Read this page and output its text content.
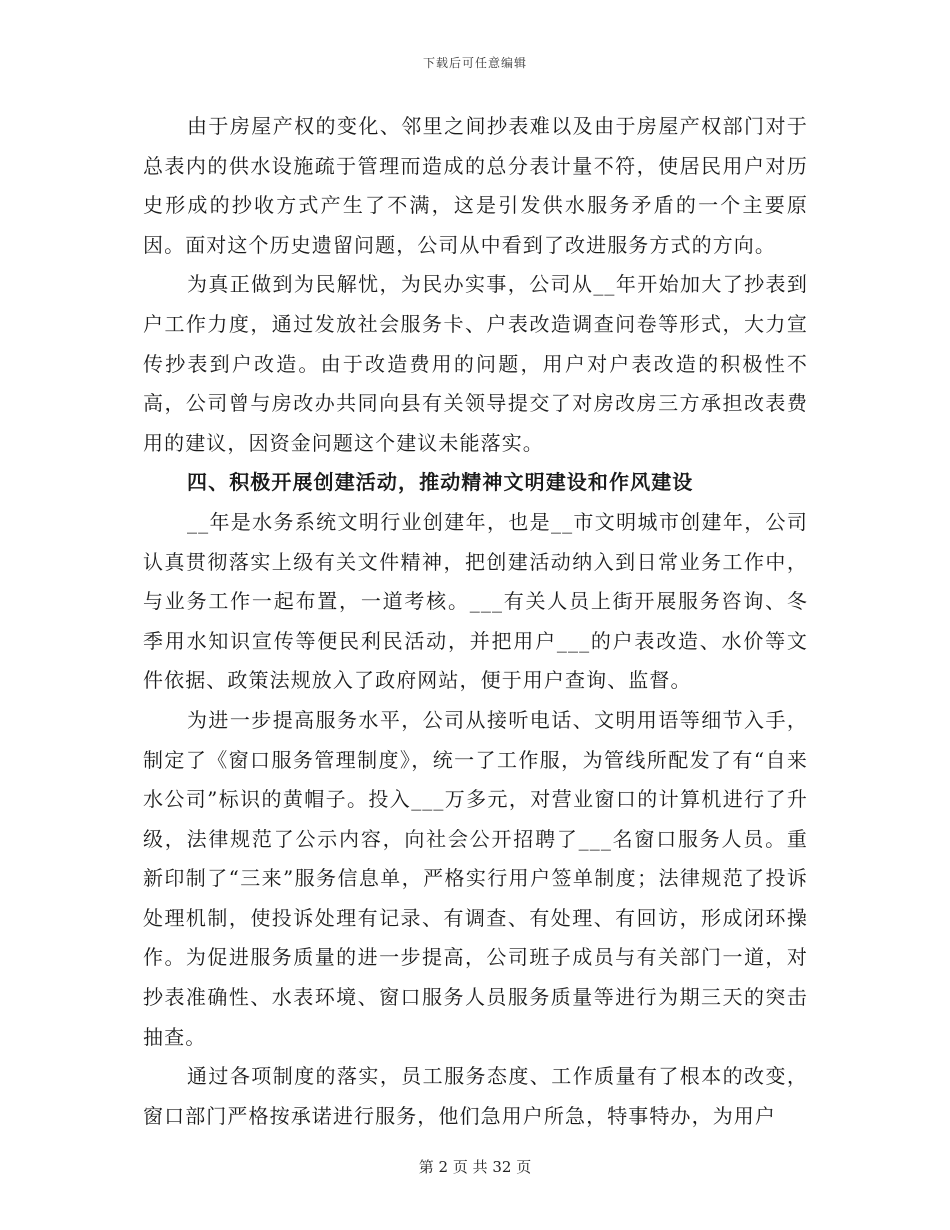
下载后可任意编辑

由于房屋产权的变化、邻里之间抄表难以及由于房屋产权部门对于总表内的供水设施疏于管理而造成的总分表计量不符，使居民用户对历史形成的抄收方式产生了不满，这是引发供水服务矛盾的一个主要原因。面对这个历史遗留问题，公司从中看到了改进服务方式的方向。

为真正做到为民解忧，为民办实事，公司从__年开始加大了抄表到户工作力度，通过发放社会服务卡、户表改造调查问卷等形式，大力宣传抄表到户改造。由于改造费用的问题，用户对户表改造的积极性不高，公司曾与房改办共同向县有关领导提交了对房改房三方承担改表费用的建议，因资金问题这个建议未能落实。

四、积极开展创建活动，推动精神文明建设和作风建设

__年是水务系统文明行业创建年，也是__市文明城市创建年，公司认真贯彻落实上级有关文件精神，把创建活动纳入到日常业务工作中，与业务工作一起布置，一道考核。___有关人员上街开展服务咨询、冬季用水知识宣传等便民利民活动，并把用户___的户表改造、水价等文件依据、政策法规放入了政府网站，便于用户查询、监督。

为进一步提高服务水平，公司从接听电话、文明用语等细节入手，制定了《窗口服务管理制度》，统一了工作服，为管线所配发了有“自来水公司”标识的黄帽子。投入___万多元，对营业窗口的计算机进行了升级，法律规范了公示内容，向社会公开招聘了___名窗口服务人员。重新印制了“三来”服务信息单，严格实行用户签单制度；法律规范了投诉处理机制，使投诉处理有记录、有调查、有处理、有回访，形成闭环操作。为促进服务质量的进一步提高，公司班子成员与有关部门一道，对抄表准确性、水表环境、窗口服务人员服务质量等进行为期三天的突击抽查。

通过各项制度的落实，员工服务态度、工作质量有了根本的改变，窗口部门严格按承诺进行服务，他们急用户所急，特事特办，为用户

第 2 页 共 32 页
